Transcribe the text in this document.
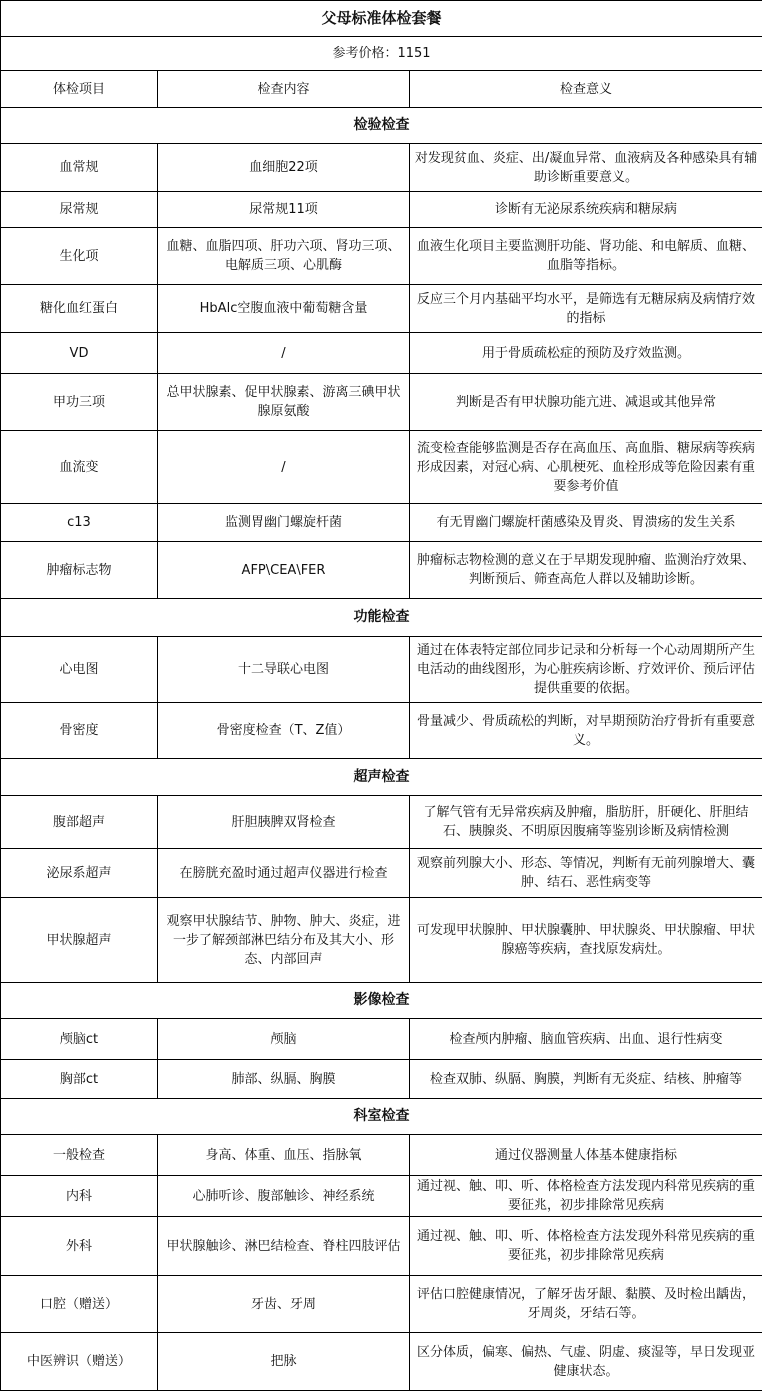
父母标准体检套餐		
参考价格：1151		
体检项目	检查内容	检查意义
检验检查		
血常规	血细胞22项	对发现贫血、炎症、出/凝血异常、血液病及各种感染具有辅助诊断重要意义。
尿常规	尿常规11项	诊断有无泌尿系统疾病和糖尿病
生化项	血糖、血脂四项、肝功六项、肾功三项、电解质三项、心肌酶	血液生化项目主要监测肝功能、肾功能、和电解质、血糖、血脂等指标。
糖化血红蛋白	HbAlc空腹血液中葡萄糖含量	反应三个月内基础平均水平，是筛选有无糖尿病及病情疗效的指标
VD	/	用于骨质疏松症的预防及疗效监测。
甲功三项	总甲状腺素、促甲状腺素、游离三碘甲状腺原氨酸	判断是否有甲状腺功能亢进、减退或其他异常
血流变	/	流变检查能够监测是否存在高血压、高血脂、糖尿病等疾病形成因素，对冠心病、心肌梗死、血栓形成等危险因素有重要参考价值
c13	监测胃幽门螺旋杆菌	有无胃幽门螺旋杆菌感染及胃炎、胃溃疡的发生关系
肿瘤标志物	AFP\CEA\FER	肿瘤标志物检测的意义在于早期发现肿瘤、监测治疗效果、判断预后、筛查高危人群以及辅助诊断。
功能检查		
心电图	十二导联心电图	通过在体表特定部位同步记录和分析每一个心动周期所产生电活动的曲线图形，为心脏疾病诊断、疗效评价、预后评估提供重要的依据。
骨密度	骨密度检查（T、Z值）	骨量减少、骨质疏松的判断，对早期预防治疗骨折有重要意义。
超声检查		
腹部超声	肝胆胰脾双肾检查	了解气管有无异常疾病及肿瘤，脂肪肝，肝硬化、肝胆结石、胰腺炎、不明原因腹痛等鉴别诊断及病情检测
泌尿系超声	在膀胱充盈时通过超声仪器进行检查	观察前列腺大小、形态、等情况，判断有无前列腺增大、囊肿、结石、恶性病变等
甲状腺超声	观察甲状腺结节、肿物、肿大、炎症，进一步了解颈部淋巴结分布及其大小、形态、内部回声	可发现甲状腺肿、甲状腺囊肿、甲状腺炎、甲状腺瘤、甲状腺癌等疾病，查找原发病灶。
影像检查		
颅脑ct	颅脑	检查颅内肿瘤、脑血管疾病、出血、退行性病变
胸部ct	肺部、纵膈、胸膜	检查双肺、纵膈、胸膜，判断有无炎症、结核、肿瘤等
科室检查		
一般检查	身高、体重、血压、指脉氧	通过仪器测量人体基本健康指标
内科	心肺听诊、腹部触诊、神经系统	通过视、触、叩、听、体格检查方法发现内科常见疾病的重要征兆，初步排除常见疾病
外科	甲状腺触诊、淋巴结检查、脊柱四肢评估	通过视、触、叩、听、体格检查方法发现外科常见疾病的重要征兆，初步排除常见疾病
口腔（赠送）	牙齿、牙周	评估口腔健康情况，了解牙齿牙龈、黏膜、及时检出龋齿，牙周炎，牙结石等。
中医辨识（赠送）	把脉	区分体质，偏寒、偏热、气虚、阴虚、痰湿等，早日发现亚健康状态。
